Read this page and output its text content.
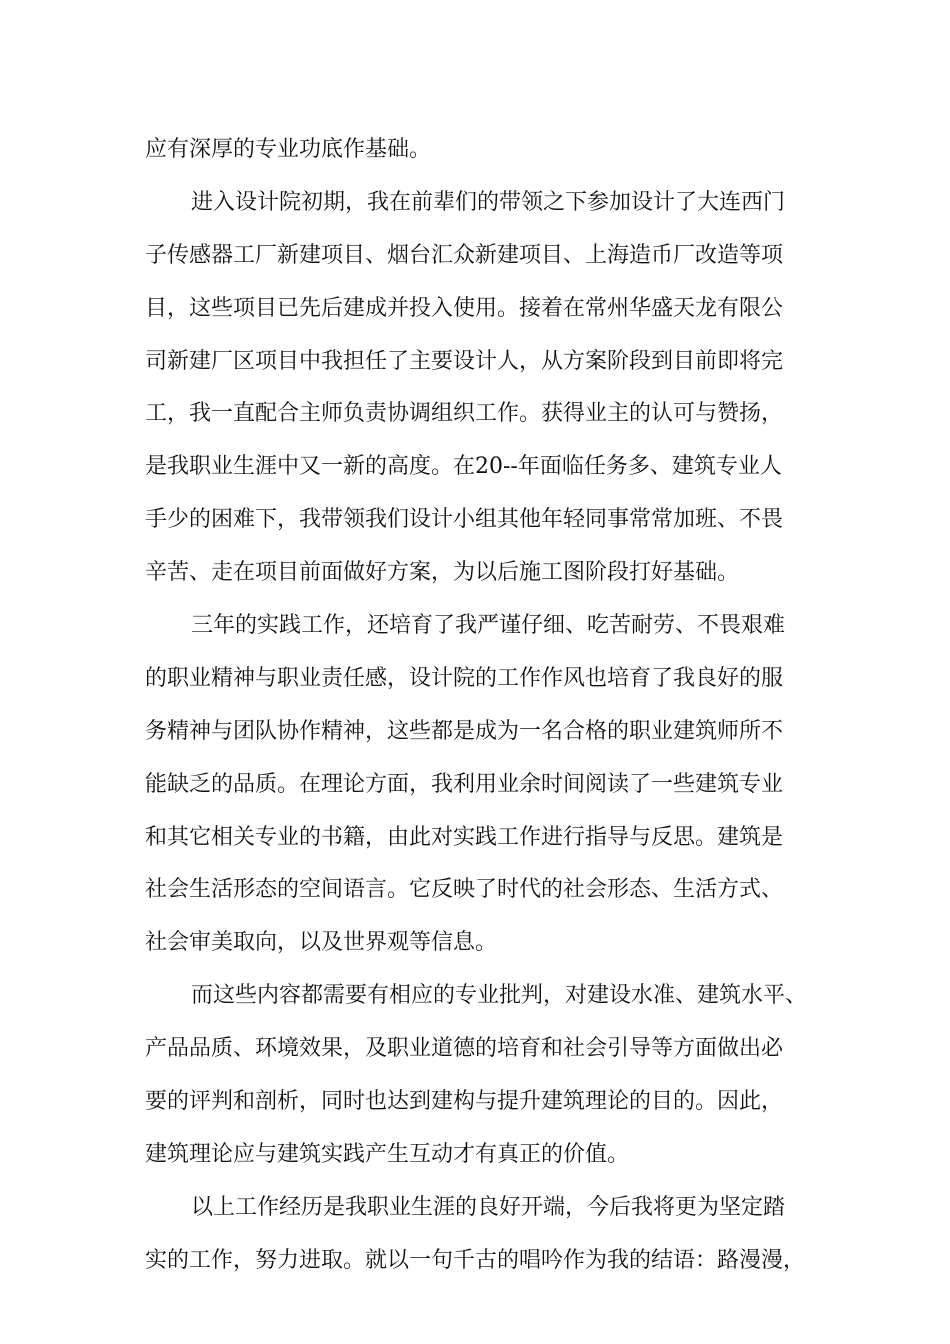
应有深厚的专业功底作基础。
进入设计院初期，我在前辈们的带领之下参加设计了大连西门
子传感器工厂新建项目、烟台汇众新建项目、上海造币厂改造等项
目，这些项目已先后建成并投入使用。接着在常州华盛天龙有限公
司新建厂区项目中我担任了主要设计人，从方案阶段到目前即将完
工，我一直配合主师负责协调组织工作。获得业主的认可与赞扬，
是我职业生涯中又一新的高度。在20--年面临任务多、建筑专业人
手少的困难下，我带领我们设计小组其他年轻同事常常加班、不畏
辛苦、走在项目前面做好方案，为以后施工图阶段打好基础。
三年的实践工作，还培育了我严谨仔细、吃苦耐劳、不畏艰难
的职业精神与职业责任感，设计院的工作作风也培育了我良好的服
务精神与团队协作精神，这些都是成为一名合格的职业建筑师所不
能缺乏的品质。在理论方面，我利用业余时间阅读了一些建筑专业
和其它相关专业的书籍，由此对实践工作进行指导与反思。建筑是
社会生活形态的空间语言。它反映了时代的社会形态、生活方式、
社会审美取向，以及世界观等信息。
而这些内容都需要有相应的专业批判，对建设水准、建筑水平、
产品品质、环境效果，及职业道德的培育和社会引导等方面做出必
要的评判和剖析，同时也达到建构与提升建筑理论的目的。因此，
建筑理论应与建筑实践产生互动才有真正的价值。
以上工作经历是我职业生涯的良好开端，今后我将更为坚定踏
实的工作，努力进取。就以一句千古的唱吟作为我的结语：路漫漫，
